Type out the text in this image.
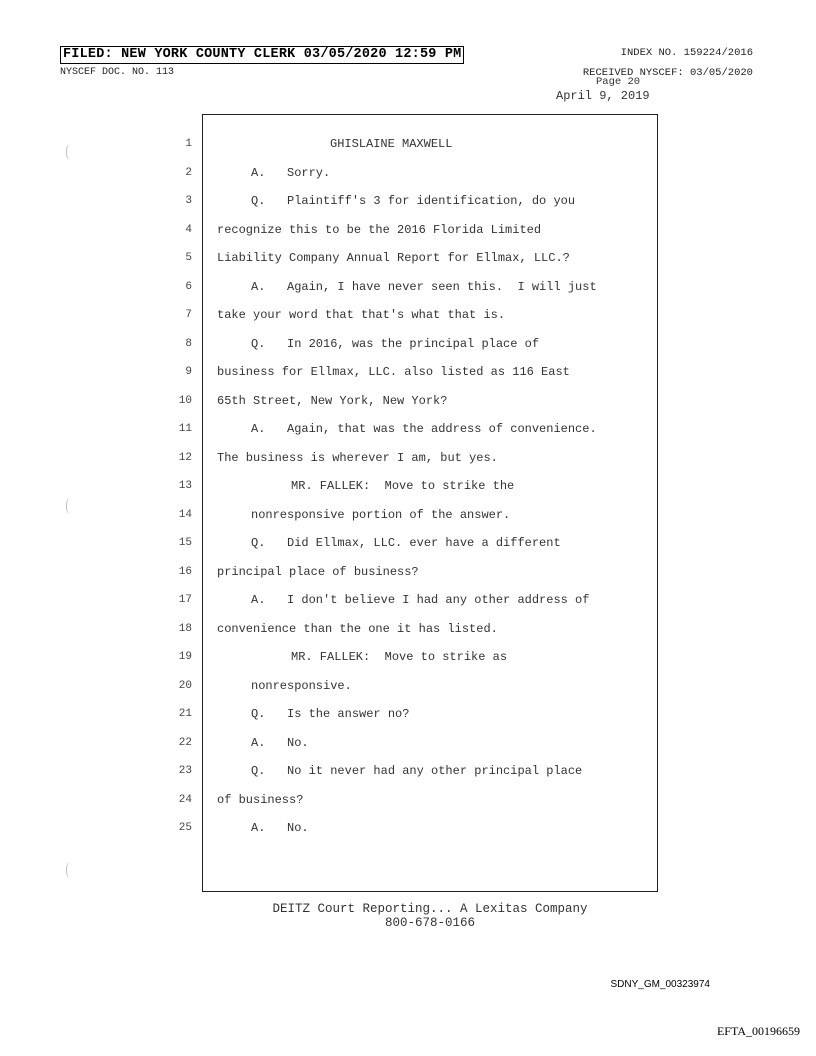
FILED: NEW YORK COUNTY CLERK 03/05/2020 12:59 PM
NYSCEF DOC. NO. 113
INDEX NO. 159224/2016
RECEIVED NYSCEF: 03/05/2020
Page 20
April 9, 2019
1	GHISLAINE MAXWELL
2	A.   Sorry.
3	Q.   Plaintiff's 3 for identification, do you
4 recognize this to be the 2016 Florida Limited
5 Liability Company Annual Report for Ellmax, LLC.?
6	A.   Again, I have never seen this.  I will just
7 take your word that that's what that is.
8	Q.   In 2016, was the principal place of
9 business for Ellmax, LLC. also listed as 116 East
10 65th Street, New York, New York?
11	A.   Again, that was the address of convenience.
12 The business is wherever I am, but yes.
13	MR. FALLEK:  Move to strike the
14	nonresponsive portion of the answer.
15	Q.   Did Ellmax, LLC. ever have a different
16 principal place of business?
17	A.   I don't believe I had any other address of
18 convenience than the one it has listed.
19	MR. FALLEK:  Move to strike as
20	nonresponsive.
21	Q.   Is the answer no?
22	A.   No.
23	Q.   No it never had any other principal place
24 of business?
25	A.   No.
DEITZ Court Reporting... A Lexitas Company
800-678-0166
SDNY_GM_00323974
EFTA_00196659
